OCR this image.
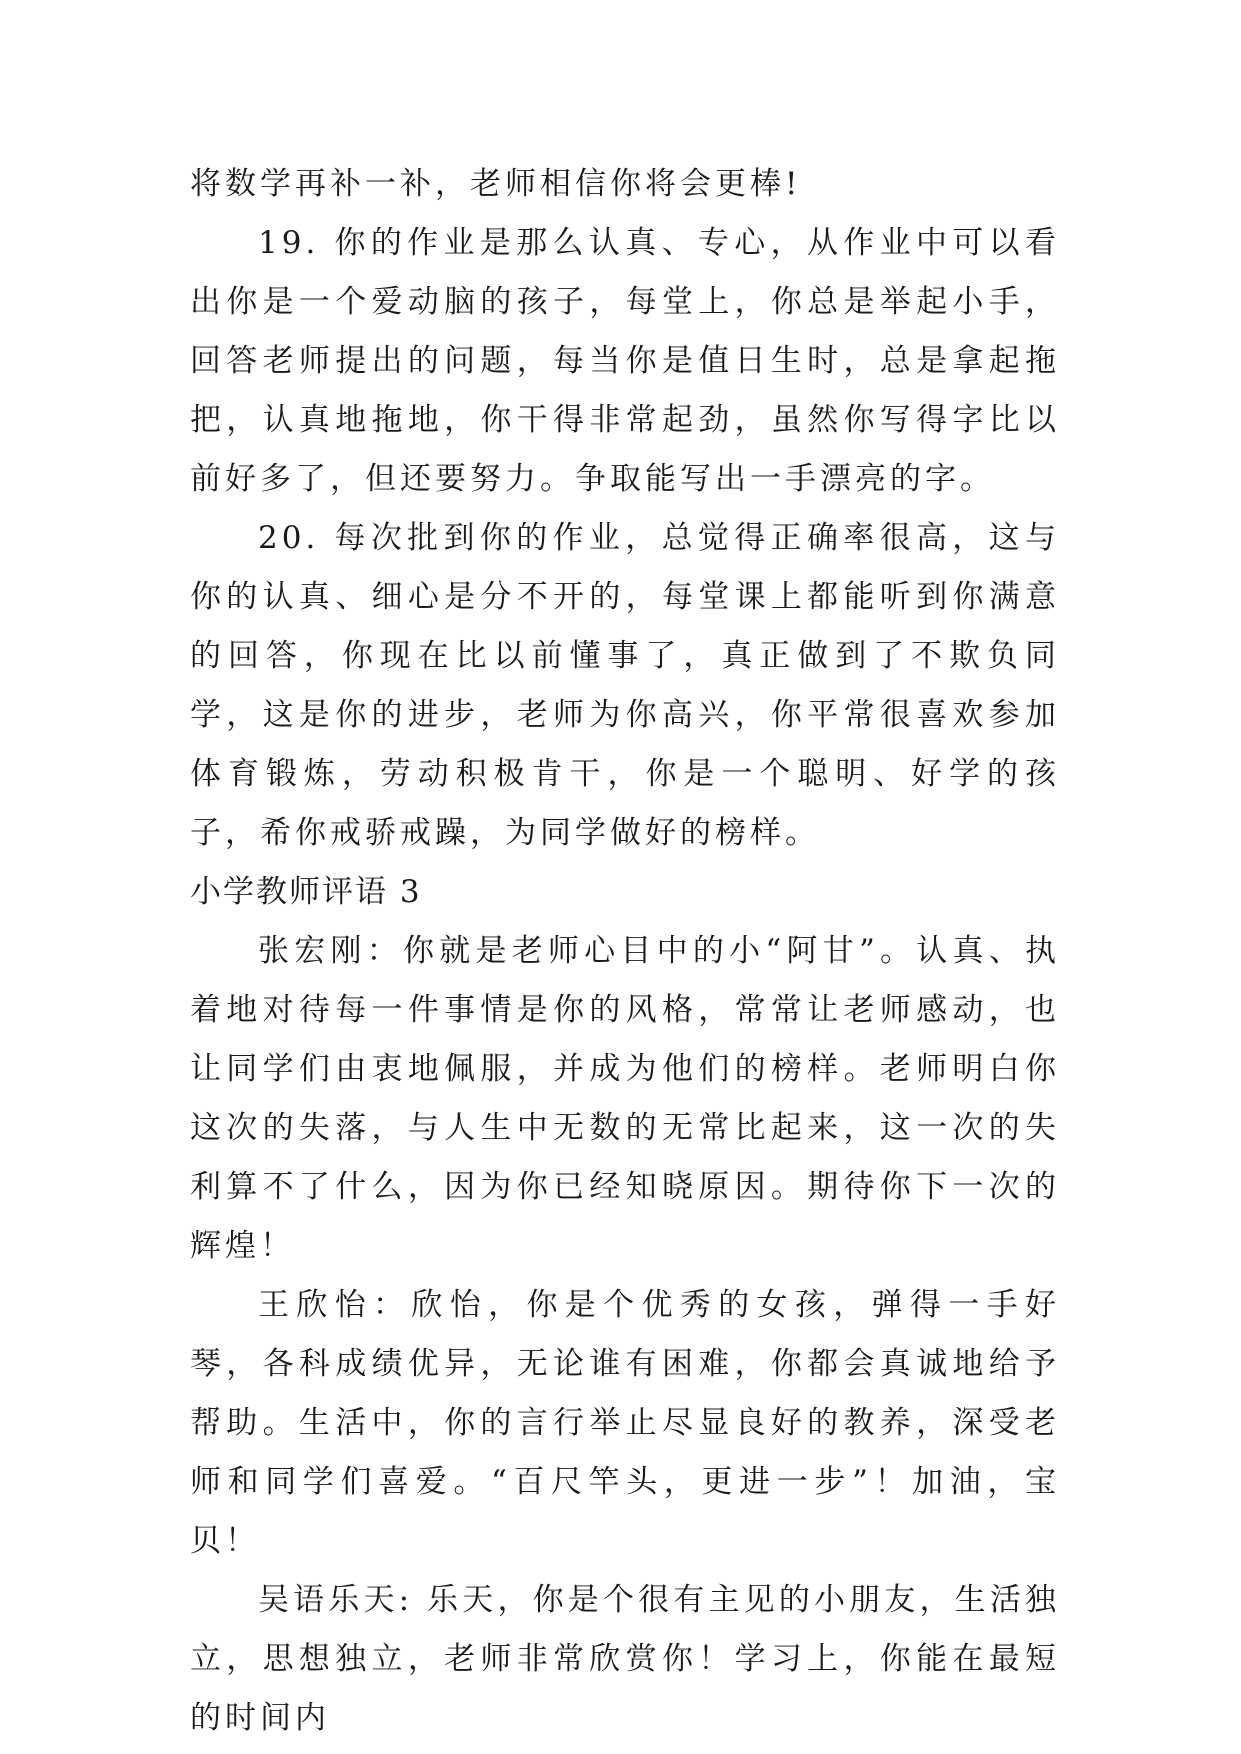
将数学再补一补，老师相信你将会更棒!

19. 你的作业是那么认真、专心，从作业中可以看出你是一个爱动脑的孩子，每堂上，你总是举起小手，回答老师提出的问题，每当你是值日生时，总是拿起拖把，认真地拖地，你干得非常起劲，虽然你写得字比以前好多了，但还要努力。争取能写出一手漂亮的字。

20. 每次批到你的作业，总觉得正确率很高，这与你的认真、细心是分不开的，每堂课上都能听到你满意的回答，你现在比以前懂事了，真正做到了不欺负同学，这是你的进步，老师为你高兴，你平常很喜欢参加体育锻炼，劳动积极肯干，你是一个聪明、好学的孩子，希你戒骄戒躁，为同学做好的榜样。

小学教师评语 3

张宏刚：你就是老师心目中的小“阿甘”。认真、执着地对待每一件事情是你的风格，常常让老师感动，也让同学们由衷地佩服，并成为他们的榜样。老师明白你这次的失落，与人生中无数的无常比起来，这一次的失利算不了什么，因为你已经知晓原因。期待你下一次的辉煌！

王欣怡：欣怡，你是个优秀的女孩，弹得一手好琴，各科成绩优异，无论谁有困难，你都会真诚地给予帮助。生活中，你的言行举止尽显良好的教养，深受老师和同学们喜爱。“百尺竿头，更进一步”！加油，宝贝！

吴语乐天: 乐天，你是个很有主见的小朋友，生活独立，思想独立，老师非常欣赏你！学习上，你能在最短的时间内
